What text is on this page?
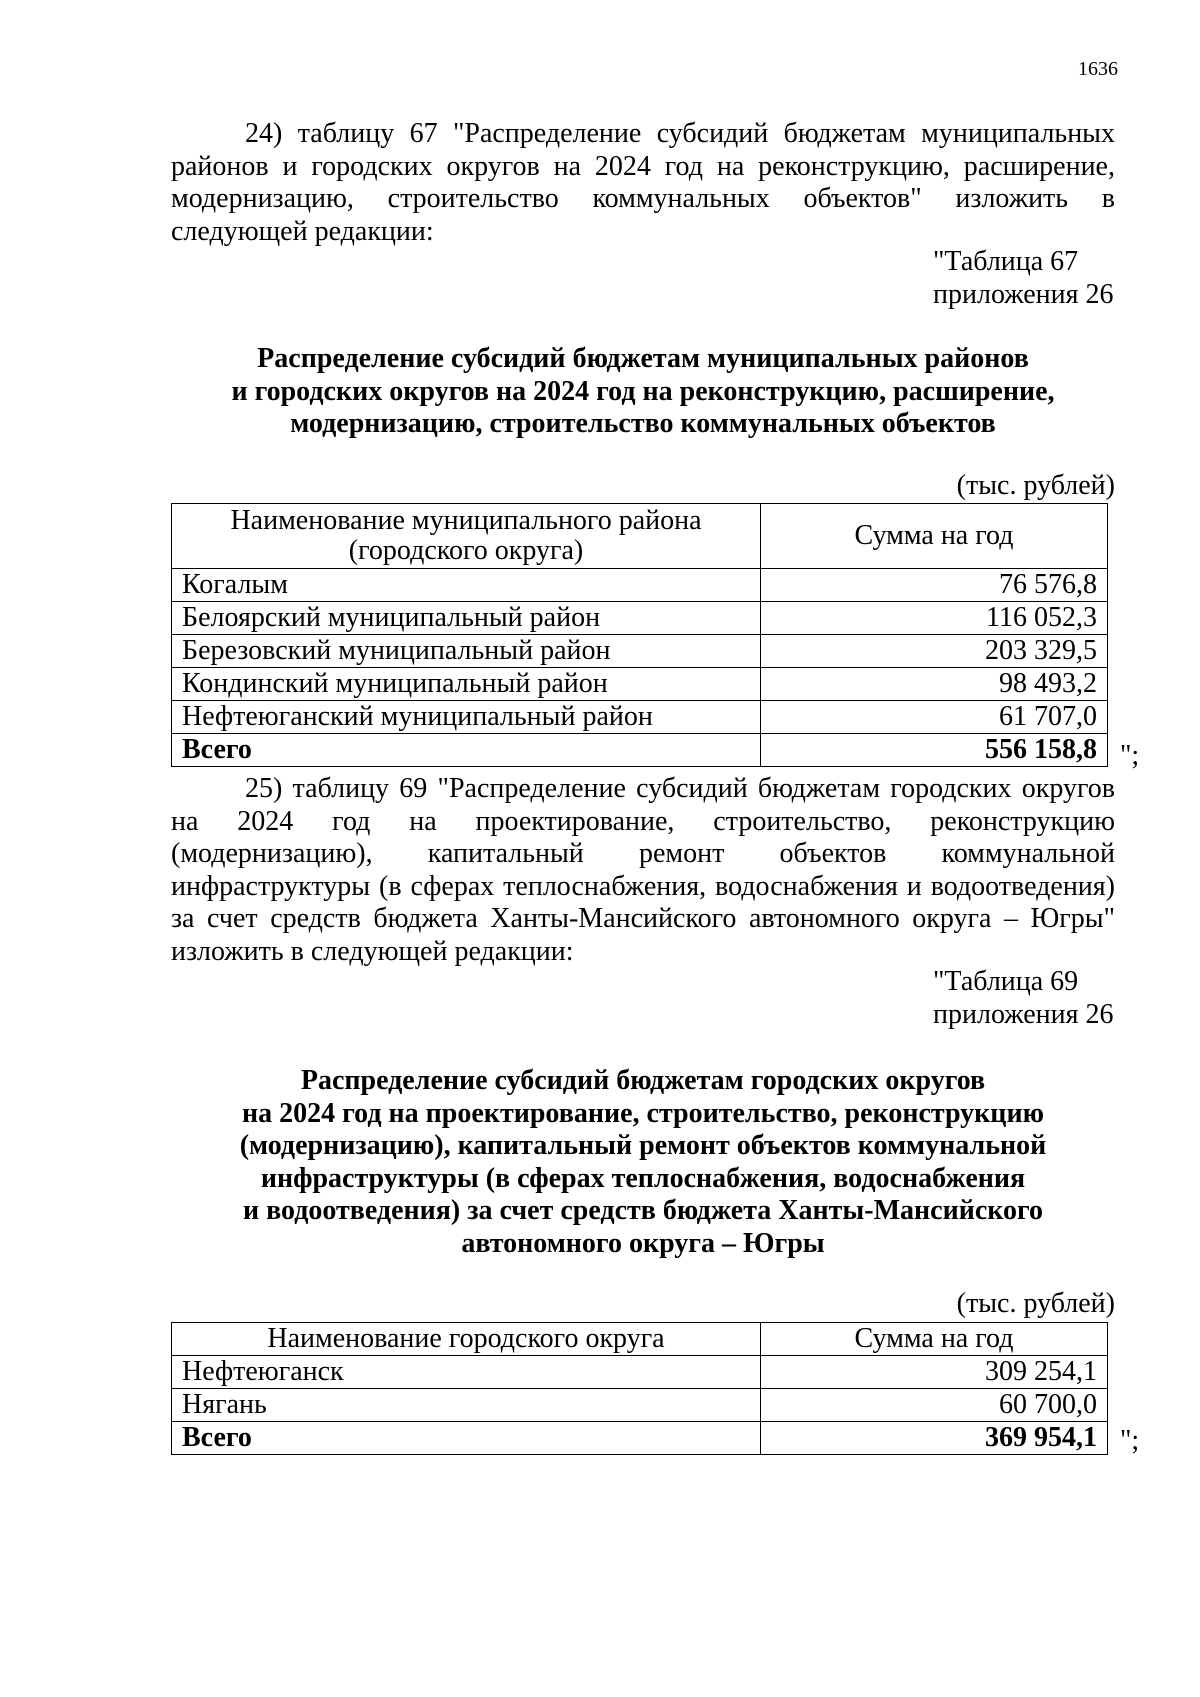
1636

24) таблицу 67 "Распределение субсидий бюджетам муниципальных районов и городских округов на 2024 год на реконструкцию, расширение, модернизацию, строительство коммунальных объектов" изложить в следующей редакции:

"Таблица 67
приложения 26
Распределение субсидий бюджетам муниципальных районов
и городских округов на 2024 год на реконструкцию, расширение,
модернизацию, строительство коммунальных объектов
(тыс. рублей)
Наименование муниципального района
(городского округа)	Сумма на год
Когалым	76 576,8
Белоярский муниципальный район	116 052,3
Березовский муниципальный район	203 329,5
Кондинский муниципальный район	98 493,2
Нефтеюганский муниципальный район	61 707,0
Всего	556 158,8 ";

25) таблицу 69 "Распределение субсидий бюджетам городских округов на 2024 год на проектирование, строительство, реконструкцию (модернизацию), капитальный ремонт объектов коммунальной инфраструктуры (в сферах теплоснабжения, водоснабжения и водоотведения) за счет средств бюджета Ханты-Мансийского автономного округа – Югры" изложить в следующей редакции:

"Таблица 69
приложения 26
Распределение субсидий бюджетам городских округов
на 2024 год на проектирование, строительство, реконструкцию
(модернизацию), капитальный ремонт объектов коммунальной
инфраструктуры (в сферах теплоснабжения, водоснабжения
и водоотведения) за счет средств бюджета Ханты-Мансийского
автономного округа – Югры
(тыс. рублей)
Наименование городского округа	Сумма на год
Нефтеюганск	309 254,1
Нягань	60 700,0
Всего	369 954,1 ";
